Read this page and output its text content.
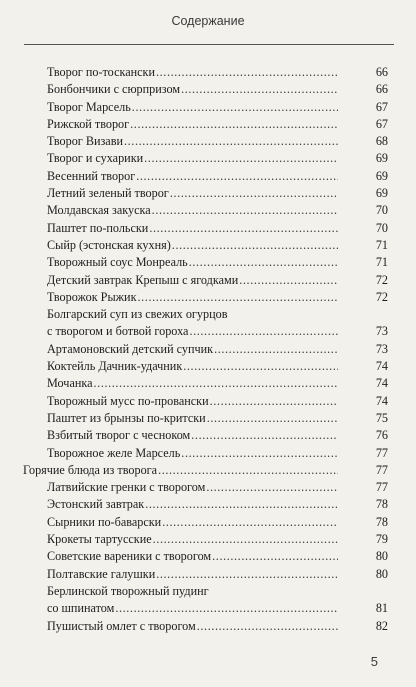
Содержание
Творог по-тоскански .....	66
Бонбончики с сюрпризом .....	66
Творог Марсель .....	67
Рижской творог .....	67
Творог Визави .....	68
Творог и сухарики .....	69
Весенний творог .....	69
Летний зеленый творог .....	69
Молдавская закуска .....	70
Паштет по-польски .....	70
Сыйр (эстонская кухня) .....	71
Творожный соус Монреаль .....	71
Детский завтрак Крепыш с ягодками .....	72
Творожок Рыжик .....	72
Болгарский суп из свежих огурцов
с творогом и ботвой гороха .....	73
Артамоновский детский супчик .....	73
Коктейль Дачник-удачник .....	74
Мочанка .....	74
Творожный мусс по-провански .....	74
Паштет из брынзы по-критски .....	75
Взбитый творог с чесноком .....	76
Творожное желе Марсель .....	77
Горячие блюда из творога .....	77
Латвийские гренки с творогом .....	77
Эстонский завтрак .....	78
Сырники по-баварски .....	78
Крокеты тартусские .....	79
Советские вареники с творогом .....	80
Полтавские галушки .....	80
Берлинской творожный пудинг
со шпинатом .....	81
Пушистый омлет с творогом .....	82
5
